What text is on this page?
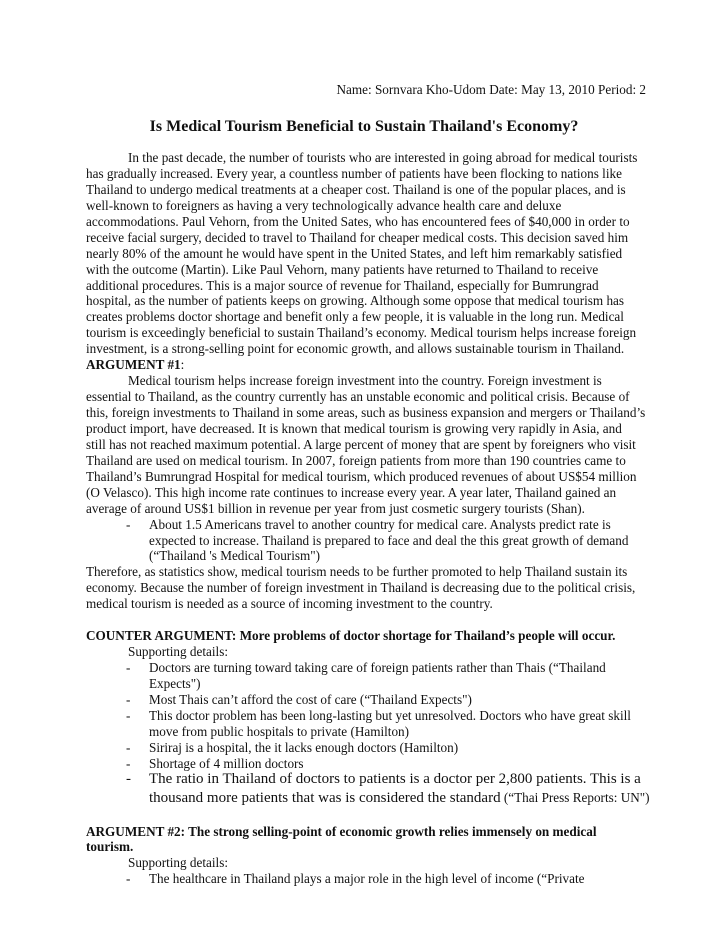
Name: Sornvara Kho-Udom Date: May 13, 2010 Period: 2
Is Medical Tourism Beneficial to Sustain Thailand's Economy?
In the past decade, the number of tourists who are interested in going abroad for medical tourists
has gradually increased. Every year, a countless number of patients have been flocking to nations like
Thailand to undergo medical treatments at a cheaper cost. Thailand is one of the popular places, and is
well-known to foreigners as having a very technologically advance health care and deluxe
accommodations. Paul Vehorn, from the United Sates, who has encountered fees of $40,000 in order to
receive facial surgery, decided to travel to Thailand for cheaper medical costs. This decision saved him
nearly 80% of the amount he would have spent in the United States, and left him remarkably satisfied
with the outcome (Martin). Like Paul Vehorn, many patients have returned to Thailand to receive
additional procedures. This is a major source of revenue for Thailand, especially for Bumrungrad
hospital, as the number of patients keeps on growing. Although some oppose that medical tourism has
creates problems doctor shortage and benefit only a few people, it is valuable in the long run. Medical
tourism is exceedingly beneficial to sustain Thailand’s economy. Medical tourism helps increase foreign
investment, is a strong-selling point for economic growth, and allows sustainable tourism in Thailand.
ARGUMENT #1:
Medical tourism helps increase foreign investment into the country. Foreign investment is
essential to Thailand, as the country currently has an unstable economic and political crisis. Because of
this, foreign investments to Thailand in some areas, such as business expansion and mergers or Thailand’s
product import, have decreased. It is known that medical tourism is growing very rapidly in Asia, and
still has not reached maximum potential. A large percent of money that are spent by foreigners who visit
Thailand are used on medical tourism. In 2007, foreign patients from more than 190 countries came to
Thailand’s Bumrungrad Hospital for medical tourism, which produced revenues of about US$54 million
(O Velasco). This high income rate continues to increase every year. A year later, Thailand gained an
average of around US$1 billion in revenue per year from just cosmetic surgery tourists (Shan).
- About 1.5 Americans travel to another country for medical care. Analysts predict rate is
expected to increase. Thailand is prepared to face and deal the this great growth of demand
(“Thailand 's Medical Tourism")
Therefore, as statistics show, medical tourism needs to be further promoted to help Thailand sustain its
economy. Because the number of foreign investment in Thailand is decreasing due to the political crisis,
medical tourism is needed as a source of incoming investment to the country.
COUNTER ARGUMENT: More problems of doctor shortage for Thailand’s people will occur.
Supporting details:
- Doctors are turning toward taking care of foreign patients rather than Thais (“Thailand
Expects")
- Most Thais can’t afford the cost of care (“Thailand Expects")
- This doctor problem has been long-lasting but yet unresolved. Doctors who have great skill
move from public hospitals to private (Hamilton)
- Siriraj is a hospital, the it lacks enough doctors (Hamilton)
- Shortage of 4 million doctors
- The ratio in Thailand of doctors to patients is a doctor per 2,800 patients. This is a
thousand more patients that was is considered the standard (“Thai Press Reports: UN")
ARGUMENT #2: The strong selling-point of economic growth relies immensely on medical
tourism.
Supporting details:
- The healthcare in Thailand plays a major role in the high level of income (“Private
